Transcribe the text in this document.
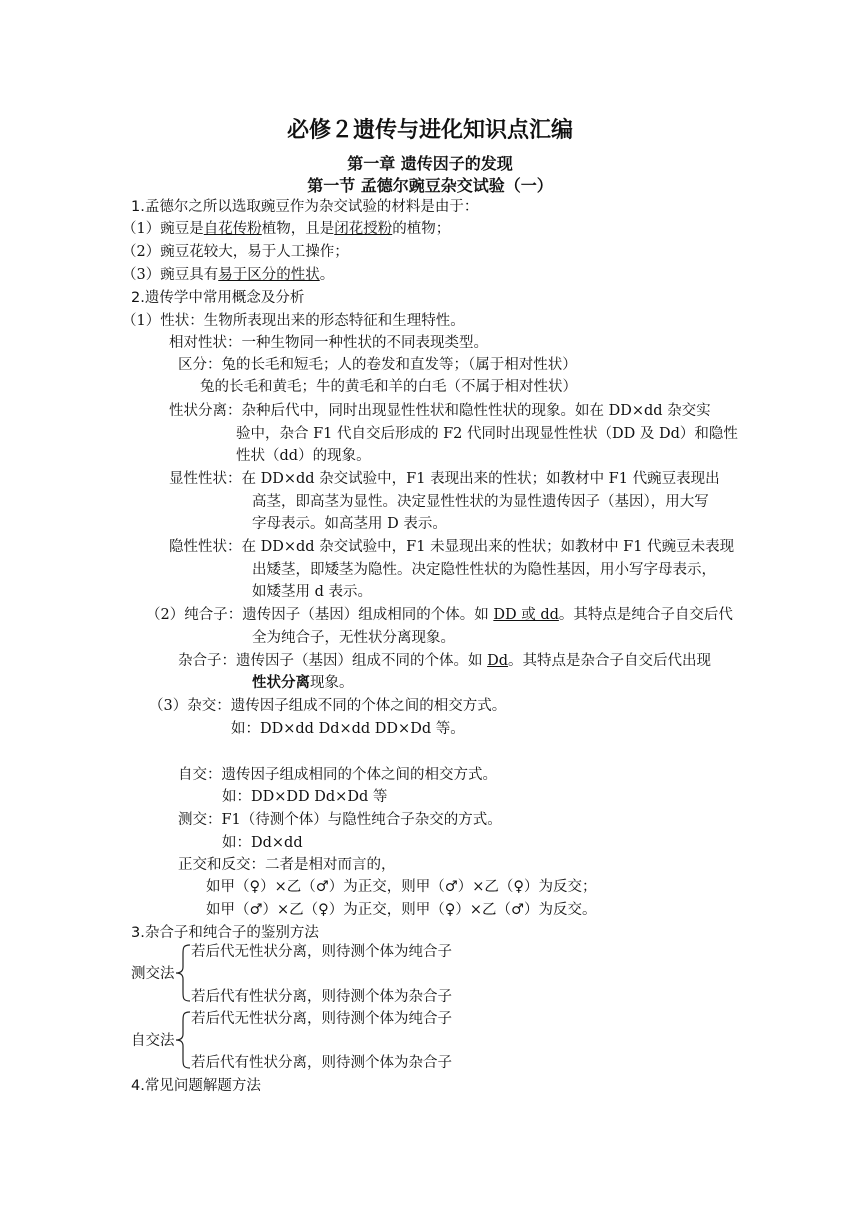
必修２遗传与进化知识点汇编
第一章 遗传因子的发现
第一节 孟德尔豌豆杂交试验（一）
1.孟德尔之所以选取豌豆作为杂交试验的材料是由于：
（1）豌豆是自花传粉植物，且是闭花授粉的植物；
（2）豌豆花较大，易于人工操作；
（3）豌豆具有易于区分的性状。
2.遗传学中常用概念及分析
（1）性状：生物所表现出来的形态特征和生理特性。
相对性状：一种生物同一种性状的不同表现类型。
区分：兔的长毛和短毛；人的卷发和直发等；（属于相对性状）
兔的长毛和黄毛；牛的黄毛和羊的白毛（不属于相对性状）
性状分离：杂种后代中，同时出现显性性状和隐性性状的现象。如在 DD×dd 杂交实
验中，杂合 F1 代自交后形成的 F2 代同时出现显性性状（DD 及 Dd）和隐性
性状（dd）的现象。
显性性状：在 DD×dd 杂交试验中，F1 表现出来的性状；如教材中 F1 代豌豆表现出
高茎，即高茎为显性。决定显性性状的为显性遗传因子（基因），用大写
字母表示。如高茎用 D 表示。
隐性性状：在 DD×dd 杂交试验中，F1 未显现出来的性状；如教材中 F1 代豌豆未表现
出矮茎，即矮茎为隐性。决定隐性性状的为隐性基因，用小写字母表示，
如矮茎用 d 表示。
（2）纯合子：遗传因子（基因）组成相同的个体。如 DD 或 dd。其特点是纯合子自交后代
全为纯合子，无性状分离现象。
杂合子：遗传因子（基因）组成不同的个体。如 Dd。其特点是杂合子自交后代出现
性状分离现象。
（3）杂交：遗传因子组成不同的个体之间的相交方式。
如：DD×dd Dd×dd DD×Dd 等。
自交：遗传因子组成相同的个体之间的相交方式。
如：DD×DD Dd×Dd 等
测交：F1（待测个体）与隐性纯合子杂交的方式。
如：Dd×dd
正交和反交：二者是相对而言的，
如甲（♀）×乙（♂）为正交，则甲（♂）×乙（♀）为反交；
如甲（♂）×乙（♀）为正交，则甲（♀）×乙（♂）为反交。
3.杂合子和纯合子的鉴别方法
测交法
若后代无性状分离，则待测个体为纯合子
若后代有性状分离，则待测个体为杂合子
自交法
若后代无性状分离，则待测个体为纯合子
若后代有性状分离，则待测个体为杂合子
4.常见问题解题方法
